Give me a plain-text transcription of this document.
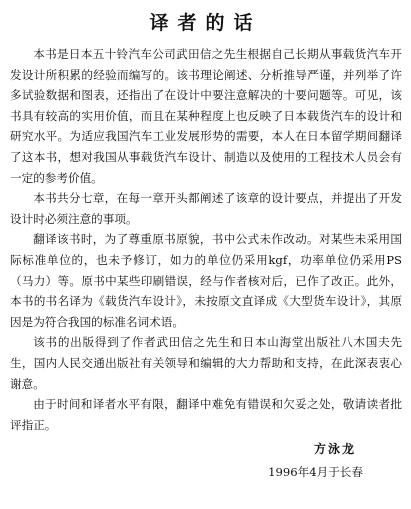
译者的话

本书是日本五十铃汽车公司武田信之先生根据自己长期从事载货汽车开发设计所积累的经验而编写的。该书理论阐述、分析推导严谨，并列举了许多试验数据和图表，还指出了在设计中要注意解决的十要问题等。可见，该书具有较高的实用价值，而且在某种程度上也反映了日本载货汽车的设计和研究水平。为适应我国汽车工业发展形势的需要，本人在日本留学期间翻译了这本书，想对我国从事载货汽车设计、制造以及使用的工程技术人员会有一定的参考价值。

本书共分七章，在每一章开头都阐述了该章的设计要点，并提出了开发设计时必须注意的事项。

翻译该书时，为了尊重原书原貌，书中公式未作改动。对某些未采用国际标准单位的，也未予修订，如力的单位仍采用kgf，功率单位仍采用PS（马力）等。原书中某些印刷错误，经与作者核对后，已作了改正。此外，本书的书名译为《载货汽车设计》，未按原文直译成《大型货车设计》，其原因是为符合我国的标准名词术语。

该书的出版得到了作者武田信之先生和日本山海堂出版社八木国夫先生，国内人民交通出版社有关领导和编辑的大力帮助和支持，在此深表衷心谢意。

由于时间和译者水平有限，翻译中难免有错误和欠妥之处，敬请读者批评指正。

方泳龙
1996年4月于长春
